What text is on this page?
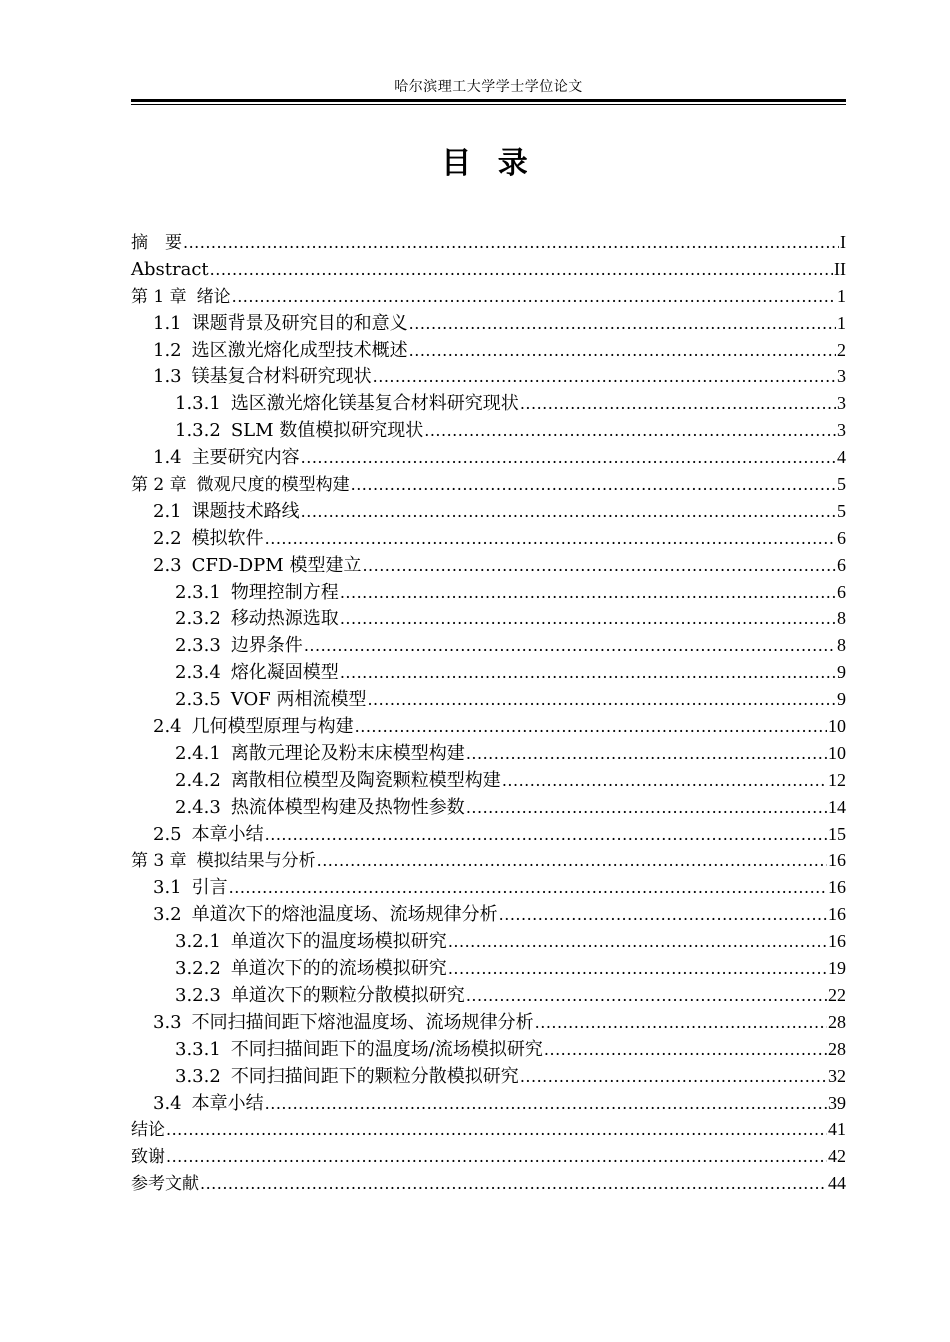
哈尔滨理工大学学士学位论文
目 录
摘　要 .....	I
Abstract .....	II
第 1 章 绪论 .....	1
1.1 课题背景及研究目的和意义 .....	1
1.2 选区激光熔化成型技术概述 .....	2
1.3 镁基复合材料研究现状 .....	3
1.3.1 选区激光熔化镁基复合材料研究现状 .....	3
1.3.2 SLM 数值模拟研究现状 .....	3
1.4 主要研究内容 .....	4
第 2 章 微观尺度的模型构建 .....	5
2.1 课题技术路线 .....	5
2.2 模拟软件 .....	6
2.3 CFD-DPM 模型建立 .....	6
2.3.1 物理控制方程 .....	6
2.3.2 移动热源选取 .....	8
2.3.3 边界条件 .....	8
2.3.4 熔化凝固模型 .....	9
2.3.5 VOF 两相流模型 .....	9
2.4 几何模型原理与构建 .....	10
2.4.1 离散元理论及粉末床模型构建 .....	10
2.4.2 离散相位模型及陶瓷颗粒模型构建 .....	12
2.4.3 热流体模型构建及热物性参数 .....	14
2.5 本章小结 .....	15
第 3 章 模拟结果与分析 .....	16
3.1 引言 .....	16
3.2 单道次下的熔池温度场、流场规律分析 .....	16
3.2.1 单道次下的温度场模拟研究 .....	16
3.2.2 单道次下的的流场模拟研究 .....	19
3.2.3 单道次下的颗粒分散模拟研究 .....	22
3.3 不同扫描间距下熔池温度场、流场规律分析 .....	28
3.3.1 不同扫描间距下的温度场/流场模拟研究 .....	28
3.3.2 不同扫描间距下的颗粒分散模拟研究 .....	32
3.4 本章小结 .....	39
结论 .....	41
致谢 .....	42
参考文献 .....	44
